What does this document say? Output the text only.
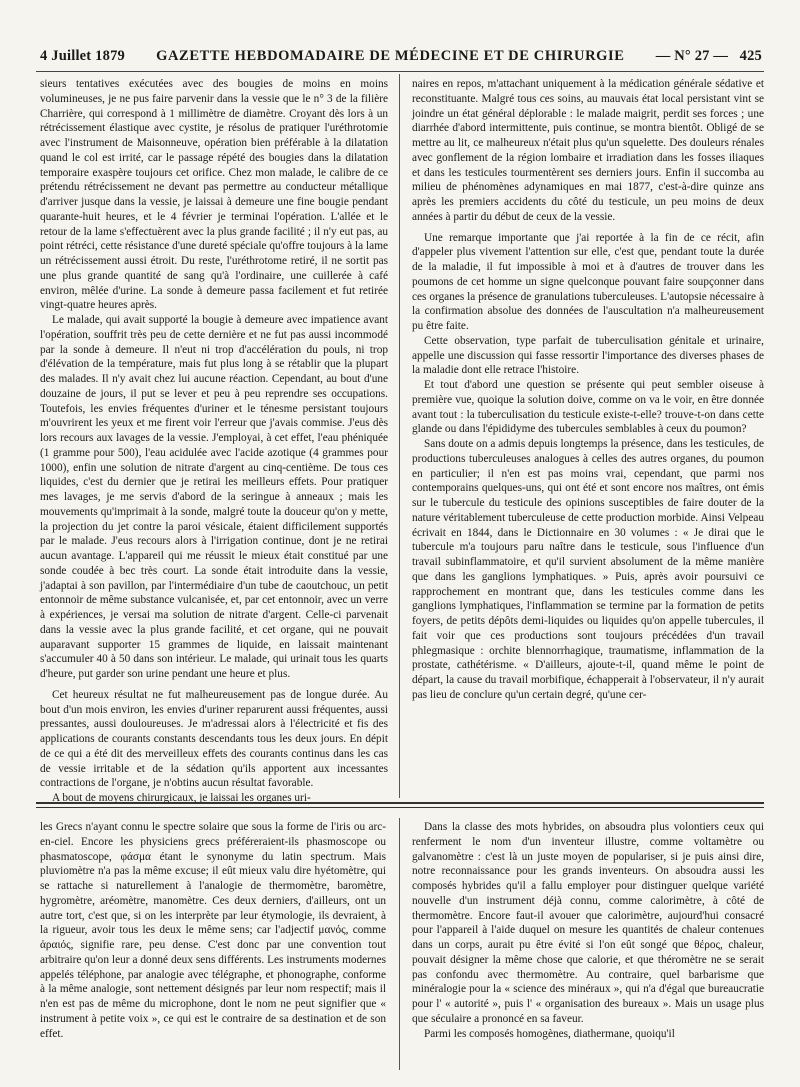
4 Juillet 1879 GAZETTE HEBDOMADAIRE DE MÉDECINE ET DE CHIRURGIE — N° 27 — 425

sieurs tentatives exécutées avec des bougies de moins en moins volumineuses, je ne pus faire parvenir dans la vessie que le n° 3 de la filière Charrière, qui correspond à 1 millimètre de diamètre. Croyant dès lors à un rétrécissement élastique avec cystite, je résolus de pratiquer l'uréthrotomie avec l'instrument de Maisonneuve, opération bien préférable à la dilatation quand le col est irrité, car le passage répété des bougies dans la dilatation temporaire exaspère toujours cet orifice. Chez mon malade, le calibre de ce prétendu rétrécissement ne devant pas permettre au conducteur métallique d'arriver jusque dans la vessie, je laissai à demeure une fine bougie pendant quarante-huit heures, et le 4 février je terminai l'opération. L'allée et le retour de la lame s'effectuèrent avec la plus grande facilité ; il n'y eut pas, au point rétréci, cette résistance d'une dureté spéciale qu'offre toujours à la lame un rétrécissement aussi étroit. Du reste, l'uréthrotome retiré, il ne sortit pas une plus grande quantité de sang qu'à l'ordinaire, une cuillerée à café environ, mêlée d'urine. La sonde à demeure passa facilement et fut retirée vingt-quatre heures après.

Le malade, qui avait supporté la bougie à demeure avec impatience avant l'opération, souffrit très peu de cette dernière et ne fut pas aussi incommodé par la sonde à demeure. Il n'eut ni trop d'accélération du pouls, ni trop d'élévation de la température, mais fut plus long à se rétablir que la plupart des malades. Il n'y avait chez lui aucune réaction. Cependant, au bout d'une douzaine de jours, il put se lever et peu à peu reprendre ses occupations. Toutefois, les envies fréquentes d'uriner et le ténesme persistant toujours m'ouvrirent les yeux et me firent voir l'erreur que j'avais commise. J'eus dès lors recours aux lavages de la vessie. J'employai, à cet effet, l'eau phéniquée (1 gramme pour 500), l'eau acidulée avec l'acide azotique (4 grammes pour 1000), enfin une solution de nitrate d'argent au cinq-centième. De tous ces liquides, c'est du dernier que je retirai les meilleurs effets. Pour pratiquer mes lavages, je me servis d'abord de la seringue à anneaux ; mais les mouvements qu'imprimait à la sonde, malgré toute la douceur qu'on y mette, la projection du jet contre la paroi vésicale, étaient difficilement supportés par le malade. J'eus recours alors à l'irrigation continue, dont je ne retirai aucun avantage. L'appareil qui me réussit le mieux était constitué par une sonde coudée à bec très court. La sonde était introduite dans la vessie, j'adaptai à son pavillon, par l'intermédiaire d'un tube de caoutchouc, un petit entonnoir de même substance vulcanisée, et, par cet entonnoir, avec un verre à expériences, je versai ma solution de nitrate d'argent. Celle-ci parvenait dans la vessie avec la plus grande facilité, et cet organe, qui ne pouvait auparavant supporter 15 grammes de liquide, en laissait maintenant s'accumuler 40 à 50 dans son intérieur. Le malade, qui urinait tous les quarts d'heure, put garder son urine pendant une heure et plus.

Cet heureux résultat ne fut malheureusement pas de longue durée. Au bout d'un mois environ, les envies d'uriner reparurent aussi fréquentes, aussi pressantes, aussi douloureuses. Je m'adressai alors à l'électricité et fis des applications de courants constants descendants tous les deux jours. En dépit de ce qui a été dit des merveilleux effets des courants continus dans les cas de vessie irritable et de la sédation qu'ils apportent aux incessantes contractions de l'organe, je n'obtins aucun résultat favorable.

A bout de moyens chirurgicaux, je laissai les organes uri-

naires en repos, m'attachant uniquement à la médication générale sédative et reconstituante. Malgré tous ces soins, au mauvais état local persistant vint se joindre un état général déplorable : le malade maigrit, perdit ses forces ; une diarrhée d'abord intermittente, puis continue, se montra bientôt. Obligé de se mettre au lit, ce malheureux n'était plus qu'un squelette. Des douleurs rénales avec gonflement de la région lombaire et irradiation dans les fosses iliaques et dans les testicules tourmentèrent ses derniers jours. Enfin il succomba au milieu de phénomènes adynamiques en mai 1877, c'est-à-dire quinze ans après les premiers accidents du côté du testicule, un peu moins de deux années à partir du début de ceux de la vessie.

Une remarque importante que j'ai reportée à la fin de ce récit, afin d'appeler plus vivement l'attention sur elle, c'est que, pendant toute la durée de la maladie, il fut impossible à moi et à d'autres de trouver dans les poumons de cet homme un signe quelconque pouvant faire soupçonner dans ces organes la présence de granulations tuberculeuses. L'autopsie nécessaire à la confirmation absolue des données de l'auscultation n'a malheureusement pu être faite.

Cette observation, type parfait de tuberculisation génitale et urinaire, appelle une discussion qui fasse ressortir l'importance des diverses phases de la maladie dont elle retrace l'histoire.

Et tout d'abord une question se présente qui peut sembler oiseuse à première vue, quoique la solution doive, comme on va le voir, en être donnée avant tout : la tuberculisation du testicule existe-t-elle? trouve-t-on dans cette glande ou dans l'épididyme des tubercules semblables à ceux du poumon?

Sans doute on a admis depuis longtemps la présence, dans les testicules, de productions tuberculeuses analogues à celles des autres organes, du poumon en particulier; il n'en est pas moins vrai, cependant, que parmi nos contemporains quelques-uns, qui ont été et sont encore nos maîtres, ont émis sur le tubercule du testicule des opinions susceptibles de faire douter de la nature véritablement tuberculeuse de cette production morbide. Ainsi Velpeau écrivait en 1844, dans le Dictionnaire en 30 volumes : « Je dirai que le tubercule m'a toujours paru naître dans le testicule, sous l'influence d'un travail subinflammatoire, et qu'il survient absolument de la même manière que dans les ganglions lymphatiques. » Puis, après avoir poursuivi ce rapprochement en montrant que, dans les testicules comme dans les ganglions lymphatiques, l'inflammation se termine par la formation de petits foyers, de petits dépôts demi-liquides ou liquides qu'on appelle tubercules, il fait voir que ces productions sont toujours précédées d'un travail phlegmasique : orchite blennorrhagique, traumatisme, inflammation de la prostate, cathétérisme. « D'ailleurs, ajoute-t-il, quand même le point de départ, la cause du travail morbifique, échapperait à l'observateur, il n'y aurait pas lieu de conclure qu'un certain degré, qu'une cer-

les Grecs n'ayant connu le spectre solaire que sous la forme de l'iris ou arc-en-ciel. Encore les physiciens grecs préféreraient-ils phasmoscope ou phasmatoscope, φάσμα étant le synonyme du latin spectrum. Mais pluviomètre n'a pas la même excuse; il eût mieux valu dire hyétomètre, qui se rattache si naturellement à l'analogie de thermomètre, baromètre, hygromètre, aréomètre, manomètre. Ces deux derniers, d'ailleurs, ont un autre tort, c'est que, si on les interprète par leur étymologie, ils devraient, à la rigueur, avoir tous les deux le même sens; car l'adjectif μανός, comme ἀραιός, signifie rare, peu dense. C'est donc par une convention tout arbitraire qu'on leur a donné deux sens différents. Les instruments modernes appelés téléphone, par analogie avec télégraphe, et phonographe, conforme à la même analogie, sont nettement désignés par leur nom respectif; mais il n'en est pas de même du microphone, dont le nom ne peut signifier que « instrument à petite voix », ce qui est le contraire de sa destination et de son effet.

Dans la classe des mots hybrides, on absoudra plus volontiers ceux qui renferment le nom d'un inventeur illustre, comme voltamètre ou galvanomètre : c'est là un juste moyen de populariser, si je puis ainsi dire, notre reconnaissance pour les grands inventeurs. On absoudra aussi les composés hybrides qu'il a fallu employer pour distinguer quelque variété nouvelle d'un instrument déjà connu, comme calorimètre, à côté de thermomètre. Encore faut-il avouer que calorimètre, aujourd'hui consacré pour l'appareil à l'aide duquel on mesure les quantités de chaleur contenues dans un corps, aurait pu être évité si l'on eût songé que θέρος, chaleur, pouvait désigner la même chose que calorie, et que théromètre ne se serait pas confondu avec thermomètre. Au contraire, quel barbarisme que minéralogie pour la « science des minéraux », qui n'a d'égal que bureaucratie pour l' « autorité », puis l' « organisation des bureaux ». Mais un usage plus que séculaire a prononcé en sa faveur.

Parmi les composés homogènes, diathermane, quoiqu'il
